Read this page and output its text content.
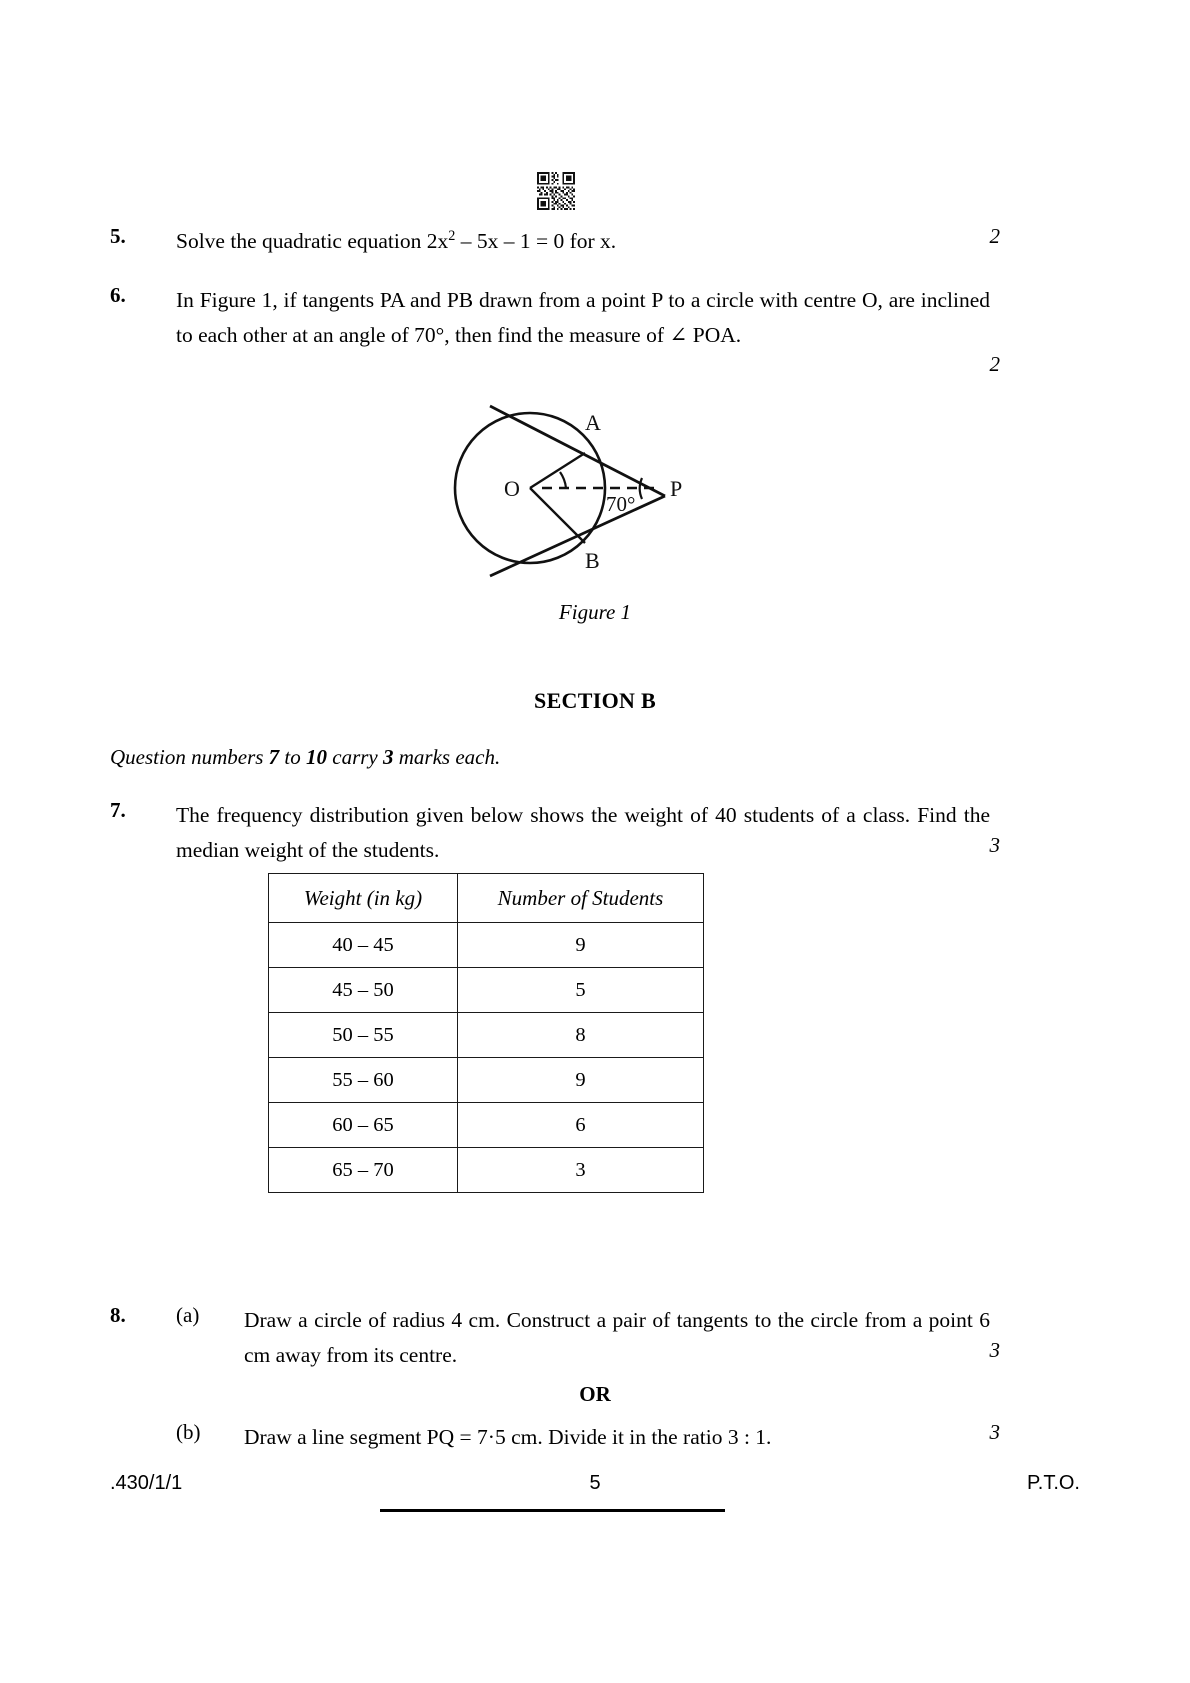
5.	Solve the quadratic equation $2x^2 - 5x - 1 = 0$ for x.	2
6.	In Figure 1, if tangents PA and PB drawn from a point P to a circle with centre O, are inclined to each other at an angle of 70°, then find the measure of ∠ POA.
2
A
O
B
P
70°
Figure 1
SECTION B
Question numbers 7 to 10 carry 3 marks each.
7.	The frequency distribution given below shows the weight of 40 students of a class. Find the median weight of the students.	3
Weight (in kg)	Number of Students
40 – 45	9
45 – 50	5
50 – 55	8
55 – 60	9
60 – 65	6
65 – 70	3
8.	(a)	Draw a circle of radius 4 cm. Construct a pair of tangents to the circle from a point 6 cm away from its centre.	3
OR
(b)	Draw a line segment PQ = 7·5 cm. Divide it in the ratio 3 : 1.	3
.430/1/1	5	P.T.O.
